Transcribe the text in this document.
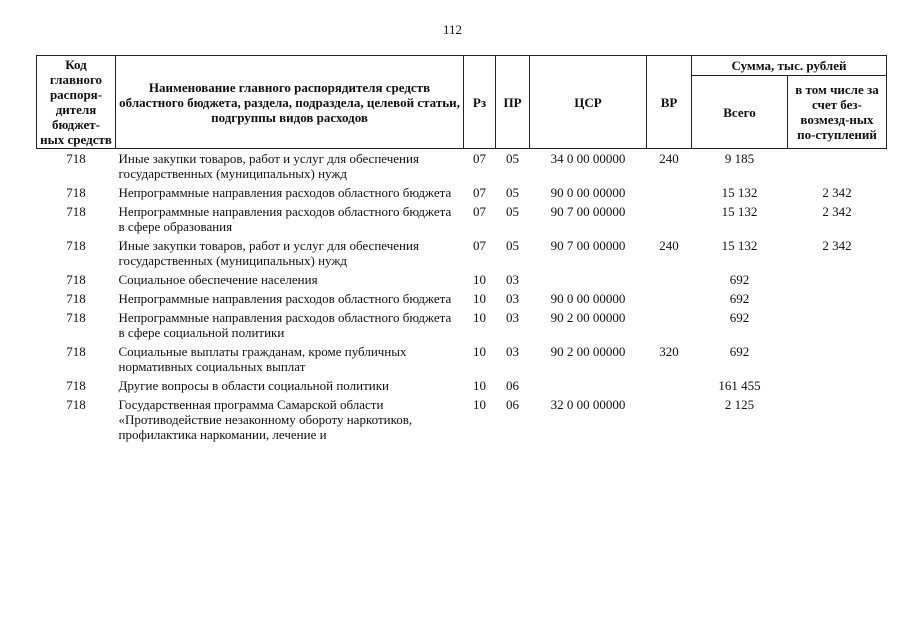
112
Код главного распоря-дителя бюджет-ных средств	Наименование главного распорядителя средств областного бюджета, раздела, подраздела, целевой статьи, подгруппы видов расходов	Рз	ПР	ЦСР	ВР	Сумма, тыс. рублей	
						Всего	в том числе за счет без-возмезд-ных по-ступлений
718	Иные закупки товаров, работ и услуг для обеспечения государственных (муниципальных) нужд	07	05	34 0 00 00000	240	9 185	
718	Непрограммные направления расходов областного бюджета	07	05	90 0 00 00000		15 132	2 342
718	Непрограммные направления расходов областного бюджета в сфере образования	07	05	90 7 00 00000		15 132	2 342
718	Иные закупки товаров, работ и услуг для обеспечения государственных (муниципальных) нужд	07	05	90 7 00 00000	240	15 132	2 342
718	Социальное обеспечение населения	10	03			692	
718	Непрограммные направления расходов областного бюджета	10	03	90 0 00 00000		692	
718	Непрограммные направления расходов областного бюджета в сфере социальной политики	10	03	90 2 00 00000		692	
718	Социальные выплаты гражданам, кроме публичных нормативных социальных выплат	10	03	90 2 00 00000	320	692	
718	Другие вопросы в области социальной политики	10	06			161 455	
718	Государственная программа Самарской области «Противодействие незаконному обороту наркотиков, профилактика наркомании, лечение и	10	06	32 0 00 00000		2 125	
